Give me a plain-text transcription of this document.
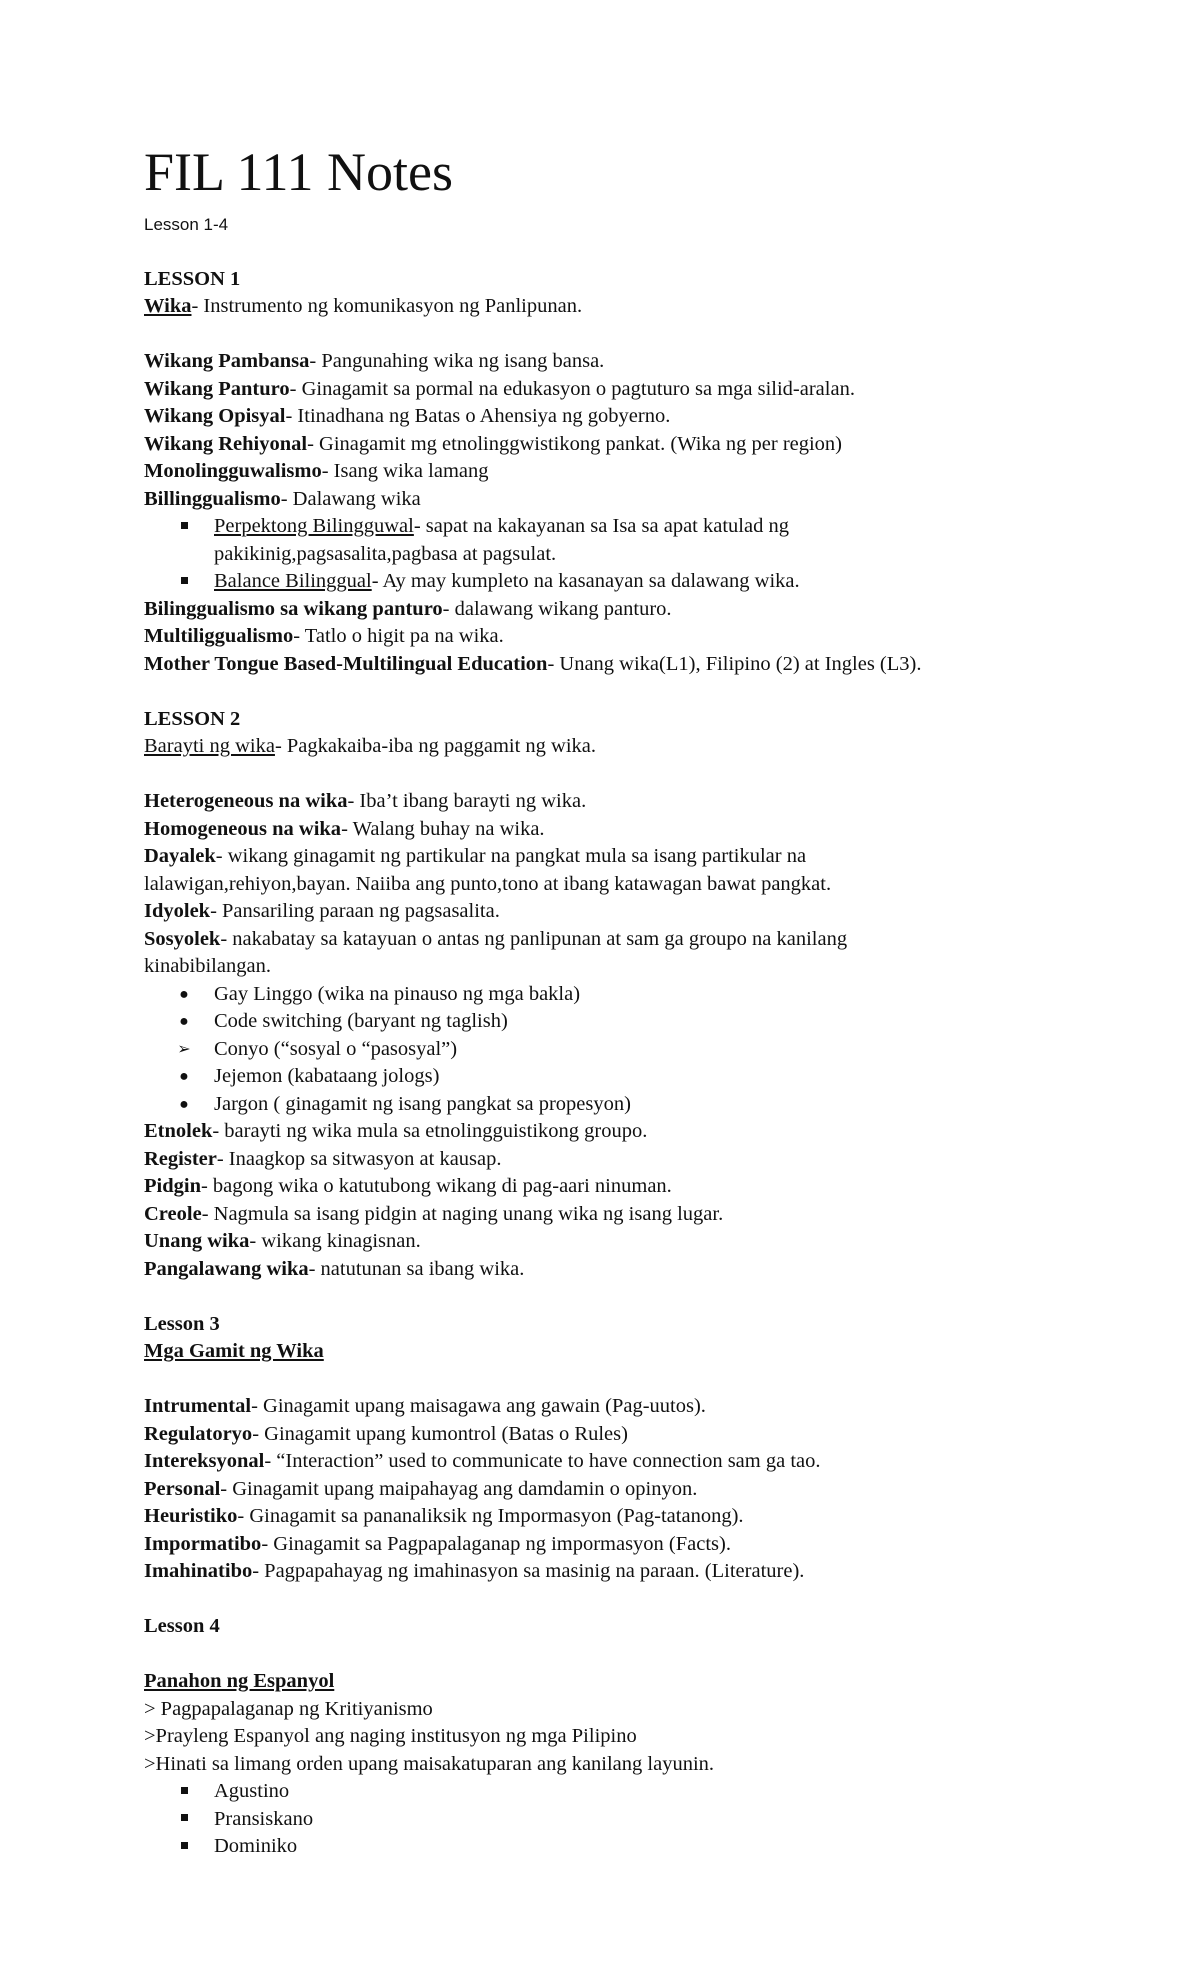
FIL 111 Notes
Lesson 1-4
LESSON 1
Wika- Instrumento ng komunikasyon ng Panlipunan.
Wikang Pambansa- Pangunahing wika ng isang bansa.
Wikang Panturo- Ginagamit sa pormal na edukasyon o pagtuturo sa mga silid-aralan.
Wikang Opisyal- Itinadhana ng Batas o Ahensiya ng gobyerno.
Wikang Rehiyonal- Ginagamit mg etnolinggwistikong pankat. (Wika ng per region)
Monolingguwalismo- Isang wika lamang
Billinggualismo- Dalawang wika
Perpektong Bilingguwal- sapat na kakayanan sa Isa sa apat katulad ng
pakikinig,pagsasalita,pagbasa at pagsulat.
Balance Bilinggual- Ay may kumpleto na kasanayan sa dalawang wika.
Bilinggualismo sa wikang panturo- dalawang wikang panturo.
Multiliggualismo- Tatlo o higit pa na wika.
Mother Tongue Based-Multilingual Education- Unang wika(L1), Filipino (2) at Ingles (L3).
LESSON 2
Barayti ng wika- Pagkakaiba-iba ng paggamit ng wika.
Heterogeneous na wika- Iba’t ibang barayti ng wika.
Homogeneous na wika- Walang buhay na wika.
Dayalek- wikang ginagamit ng partikular na pangkat mula sa isang partikular na
lalawigan,rehiyon,bayan. Naiiba ang punto,tono at ibang katawagan bawat pangkat.
Idyolek- Pansariling paraan ng pagsasalita.
Sosyolek- nakabatay sa katayuan o antas ng panlipunan at sam ga groupo na kanilang
kinabibilangan.
● Gay Linggo (wika na pinauso ng mga bakla)
● Code switching (baryant ng taglish)
➢ Conyo (“sosyal o “pasosyal”)
● Jejemon (kabataang jologs)
● Jargon ( ginagamit ng isang pangkat sa propesyon)
Etnolek- barayti ng wika mula sa etnolingguistikong groupo.
Register- Inaagkop sa sitwasyon at kausap.
Pidgin- bagong wika o katutubong wikang di pag-aari ninuman.
Creole- Nagmula sa isang pidgin at naging unang wika ng isang lugar.
Unang wika- wikang kinagisnan.
Pangalawang wika- natutunan sa ibang wika.
Lesson 3
Mga Gamit ng Wika
Intrumental- Ginagamit upang maisagawa ang gawain (Pag-uutos).
Regulatoryo- Ginagamit upang kumontrol (Batas o Rules)
Intereksyonal- “Interaction” used to communicate to have connection sam ga tao.
Personal- Ginagamit upang maipahayag ang damdamin o opinyon.
Heuristiko- Ginagamit sa pananaliksik ng Impormasyon (Pag-tatanong).
Impormatibo- Ginagamit sa Pagpapalaganap ng impormasyon (Facts).
Imahinatibo- Pagpapahayag ng imahinasyon sa masinig na paraan. (Literature).
Lesson 4
Panahon ng Espanyol
> Pagpapalaganap ng Kritiyanismo
>Prayleng Espanyol ang naging institusyon ng mga Pilipino
>Hinati sa limang orden upang maisakatuparan ang kanilang layunin.
Agustino
Pransiskano
Dominiko
